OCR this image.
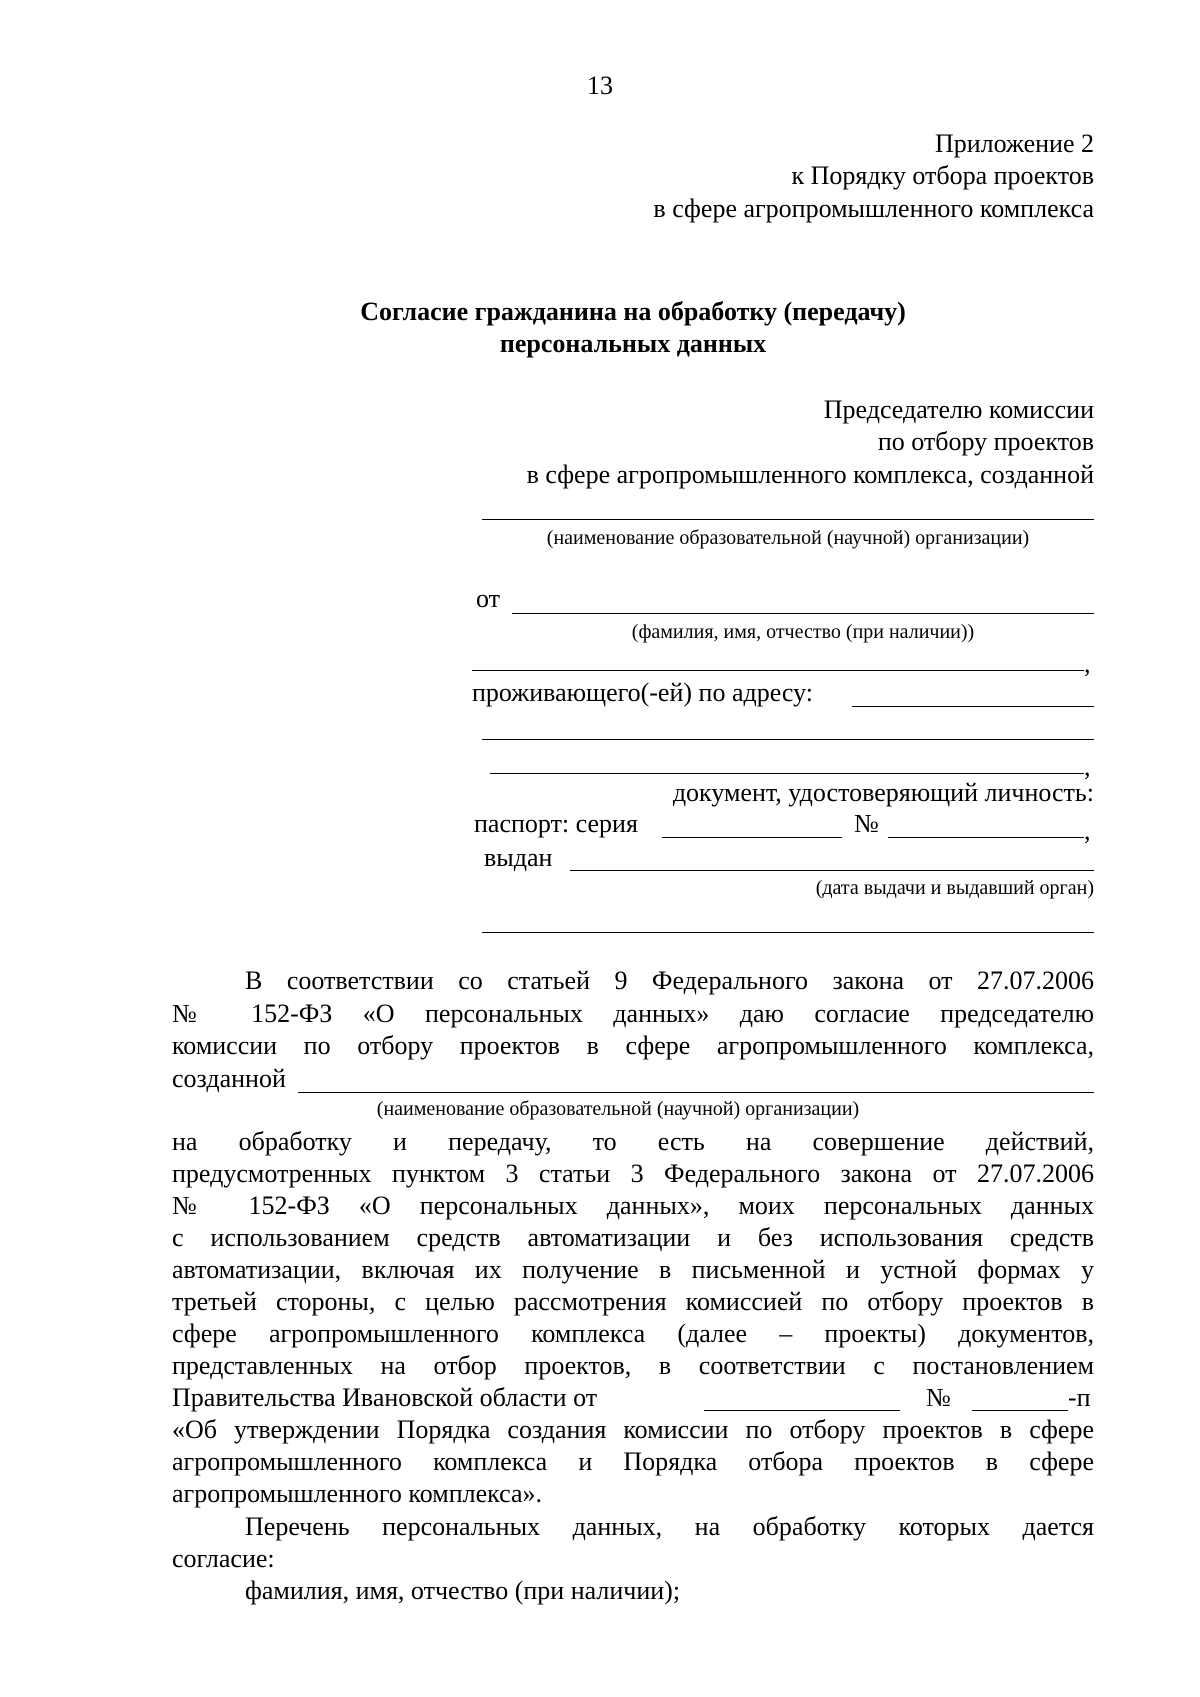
13
Приложение 2
к Порядку отбора проектов
в сфере агропромышленного комплекса
Согласие гражданина на обработку (передачу)
персональных данных
Председателю комиссии
по отбору проектов
в сфере агропромышленного комплекса, созданной
(наименование образовательной (научной) организации)
от
(фамилия, имя, отчество (при наличии))
,
проживающего(-ей) по адресу:
,
документ, удостоверяющий личность:
паспорт: серия	№	,
выдан
(дата выдачи и выдавший орган)
В соответствии со статьей 9 Федерального закона от 27.07.2006
№ 152-ФЗ «О персональных данных» даю согласие председателю
комиссии по отбору проектов в сфере агропромышленного комплекса,
созданной
(наименование образовательной (научной) организации)
на обработку и передачу, то есть на совершение действий,
предусмотренных пунктом 3 статьи 3 Федерального закона от 27.07.2006
№ 152-ФЗ «О персональных данных», моих персональных данных
с использованием средств автоматизации и без использования средств
автоматизации, включая их получение в письменной и устной формах у
третьей стороны, с целью рассмотрения комиссией по отбору проектов в
сфере агропромышленного комплекса (далее – проекты) документов,
представленных на отбор проектов, в соответствии с постановлением
Правительства Ивановской области от	№	-п
«Об утверждении Порядка создания комиссии по отбору проектов в сфере
агропромышленного комплекса и Порядка отбора проектов в сфере
агропромышленного комплекса».
Перечень персональных данных, на обработку которых дается
согласие:
фамилия, имя, отчество (при наличии);
